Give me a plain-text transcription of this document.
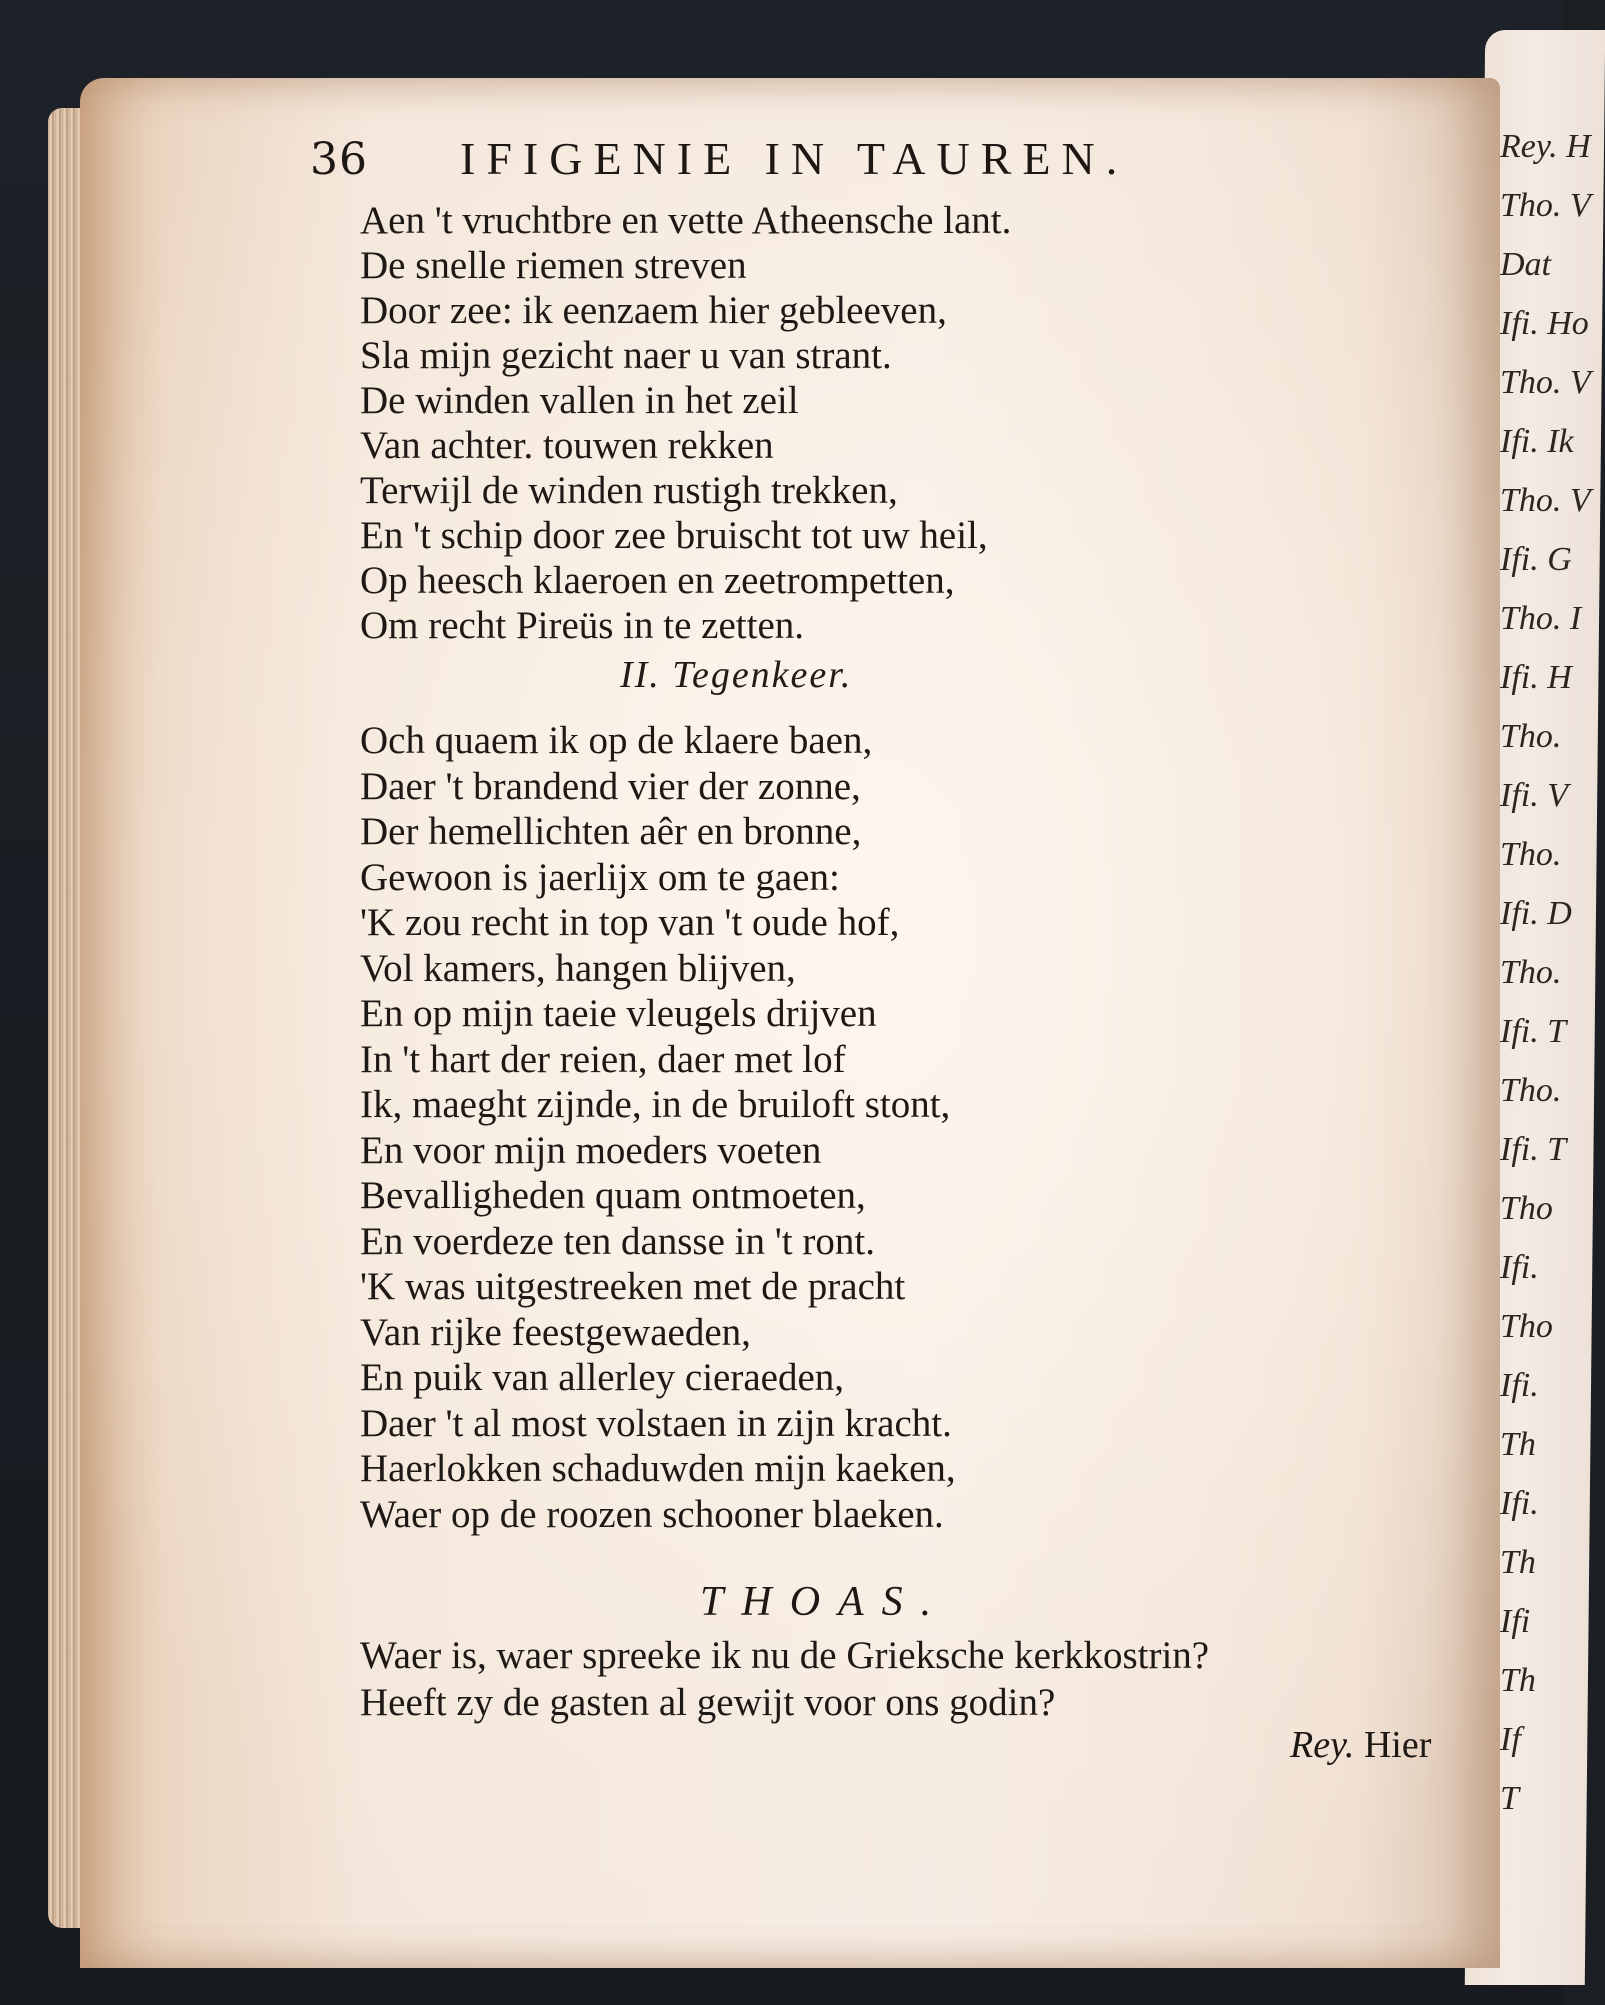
Rey. H
Tho. V
Dat
Ifi. Ho
Tho. V
Ifi. Ik
Tho. V
Ifi. G
Tho. I
Ifi. H
Tho.
Ifi. V
Tho.
Ifi. D
Tho.
Ifi. T
Tho.
Ifi. T
Tho
Ifi.
Tho
Ifi.
Th
Ifi.
Th
Ifi
Th
If
T
36 IFIGENIE IN TAUREN.
Aen 't vruchtbre en vette Atheensche lant.
De snelle riemen streven
Door zee: ik eenzaem hier gebleeven,
Sla mijn gezicht naer u van strant.
De winden vallen in het zeil
Van achter. touwen rekken
Terwijl de winden rustigh trekken,
En 't schip door zee bruischt tot uw heil,
Op heesch klaeroen en zeetrompetten,
Om recht Pireüs in te zetten.
II. Tegenkeer.
Och quaem ik op de klaere baen,
Daer 't brandend vier der zonne,
Der hemellichten aêr en bronne,
Gewoon is jaerlijx om te gaen:
'K zou recht in top van 't oude hof,
Vol kamers, hangen blijven,
En op mijn taeie vleugels drijven
In 't hart der reien, daer met lof
Ik, maeght zijnde, in de bruiloft stont,
En voor mijn moeders voeten
Bevalligheden quam ontmoeten,
En voerdeze ten dansse in 't ront.
'K was uitgestreeken met de pracht
Van rijke feestgewaeden,
En puik van allerley cieraeden,
Daer 't al most volstaen in zijn kracht.
Haerlokken schaduwden mijn kaeken,
Waer op de roozen schooner blaeken.
THOAS.
Waer is, waer spreeke ik nu de Grieksche kerkkostrin?
Heeft zy de gasten al gewijt voor ons godin?
Rey. Hier
